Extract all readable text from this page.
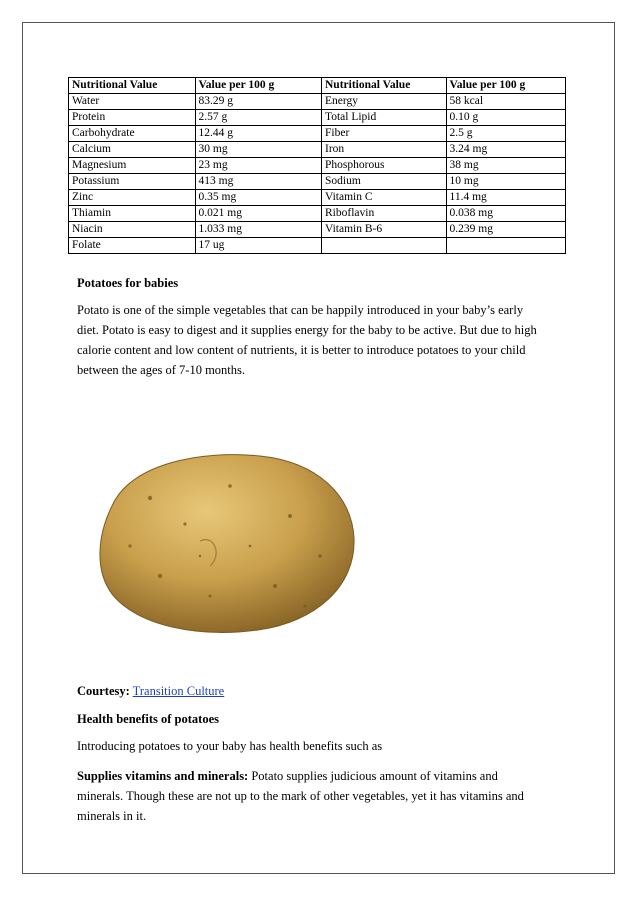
Nutritional Value	Value per 100 g	Nutritional Value	Value per 100 g
Water	83.29 g	Energy	58 kcal
Protein	2.57 g	Total Lipid	0.10 g
Carbohydrate	12.44 g	Fiber	2.5 g
Calcium	30 mg	Iron	3.24 mg
Magnesium	23 mg	Phosphorous	38 mg
Potassium	413 mg	Sodium	10 mg
Zinc	0.35 mg	Vitamin C	11.4 mg
Thiamin	0.021 mg	Riboflavin	0.038 mg
Niacin	1.033 mg	Vitamin B-6	0.239 mg
Folate	17 ug		
Potatoes for babies
Potato is one of the simple vegetables that can be happily introduced in your baby’s early diet. Potato is easy to digest and it supplies energy for the baby to be active. But due to high calorie content and low content of nutrients, it is better to introduce potatoes to your child between the ages of 7-10 months.
Courtesy: Transition Culture
Health benefits of potatoes
Introducing potatoes to your baby has health benefits such as
Supplies vitamins and minerals: Potato supplies judicious amount of vitamins and minerals. Though these are not up to the mark of other vegetables, yet it has vitamins and minerals in it.
